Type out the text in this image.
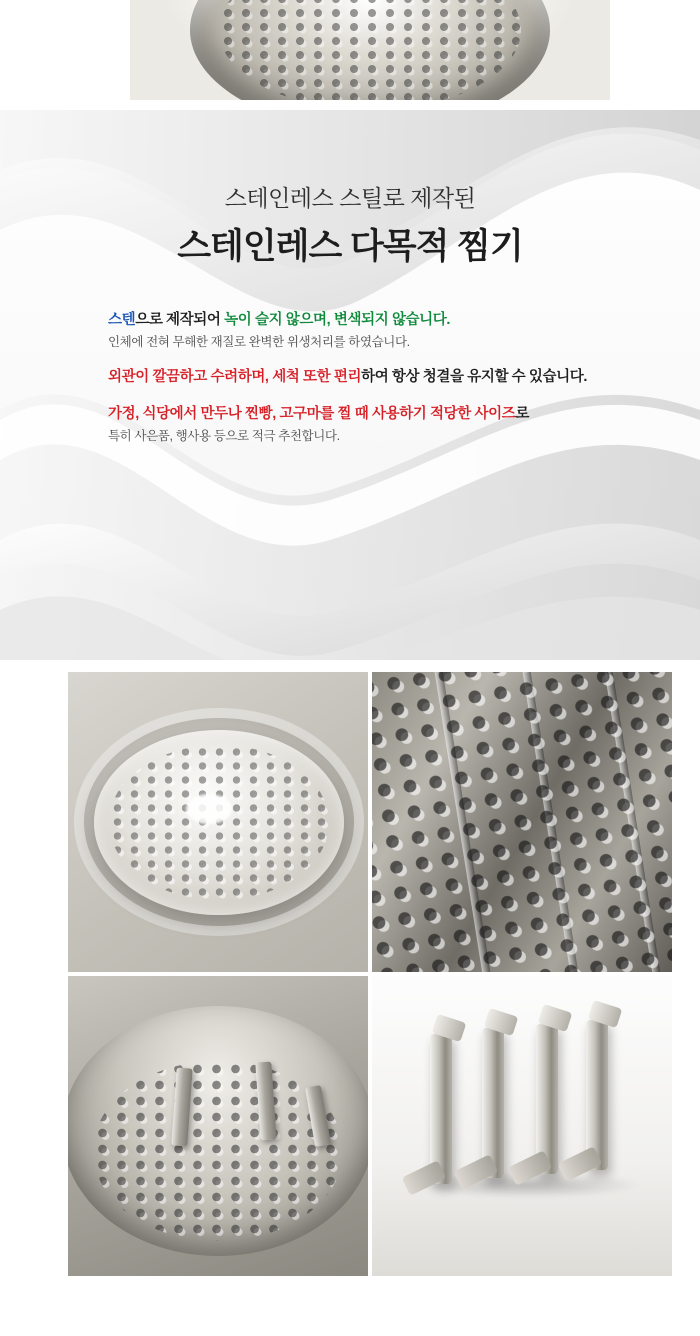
스테인레스 스틸로 제작된
스테인레스 다목적 찜기
스텐으로 제작되어 녹이 슬지 않으며, 변색되지 않습니다.
인체에 전혀 무해한 재질로 완벽한 위생처리를 하였습니다.
외관이 깔끔하고 수려하며, 세척 또한 편리하여 항상 청결을 유지할 수 있습니다.
가정, 식당에서 만두나 찐빵, 고구마를 찔 때 사용하기 적당한 사이즈로
특히 사은품, 행사용 등으로 적극 추천합니다.
